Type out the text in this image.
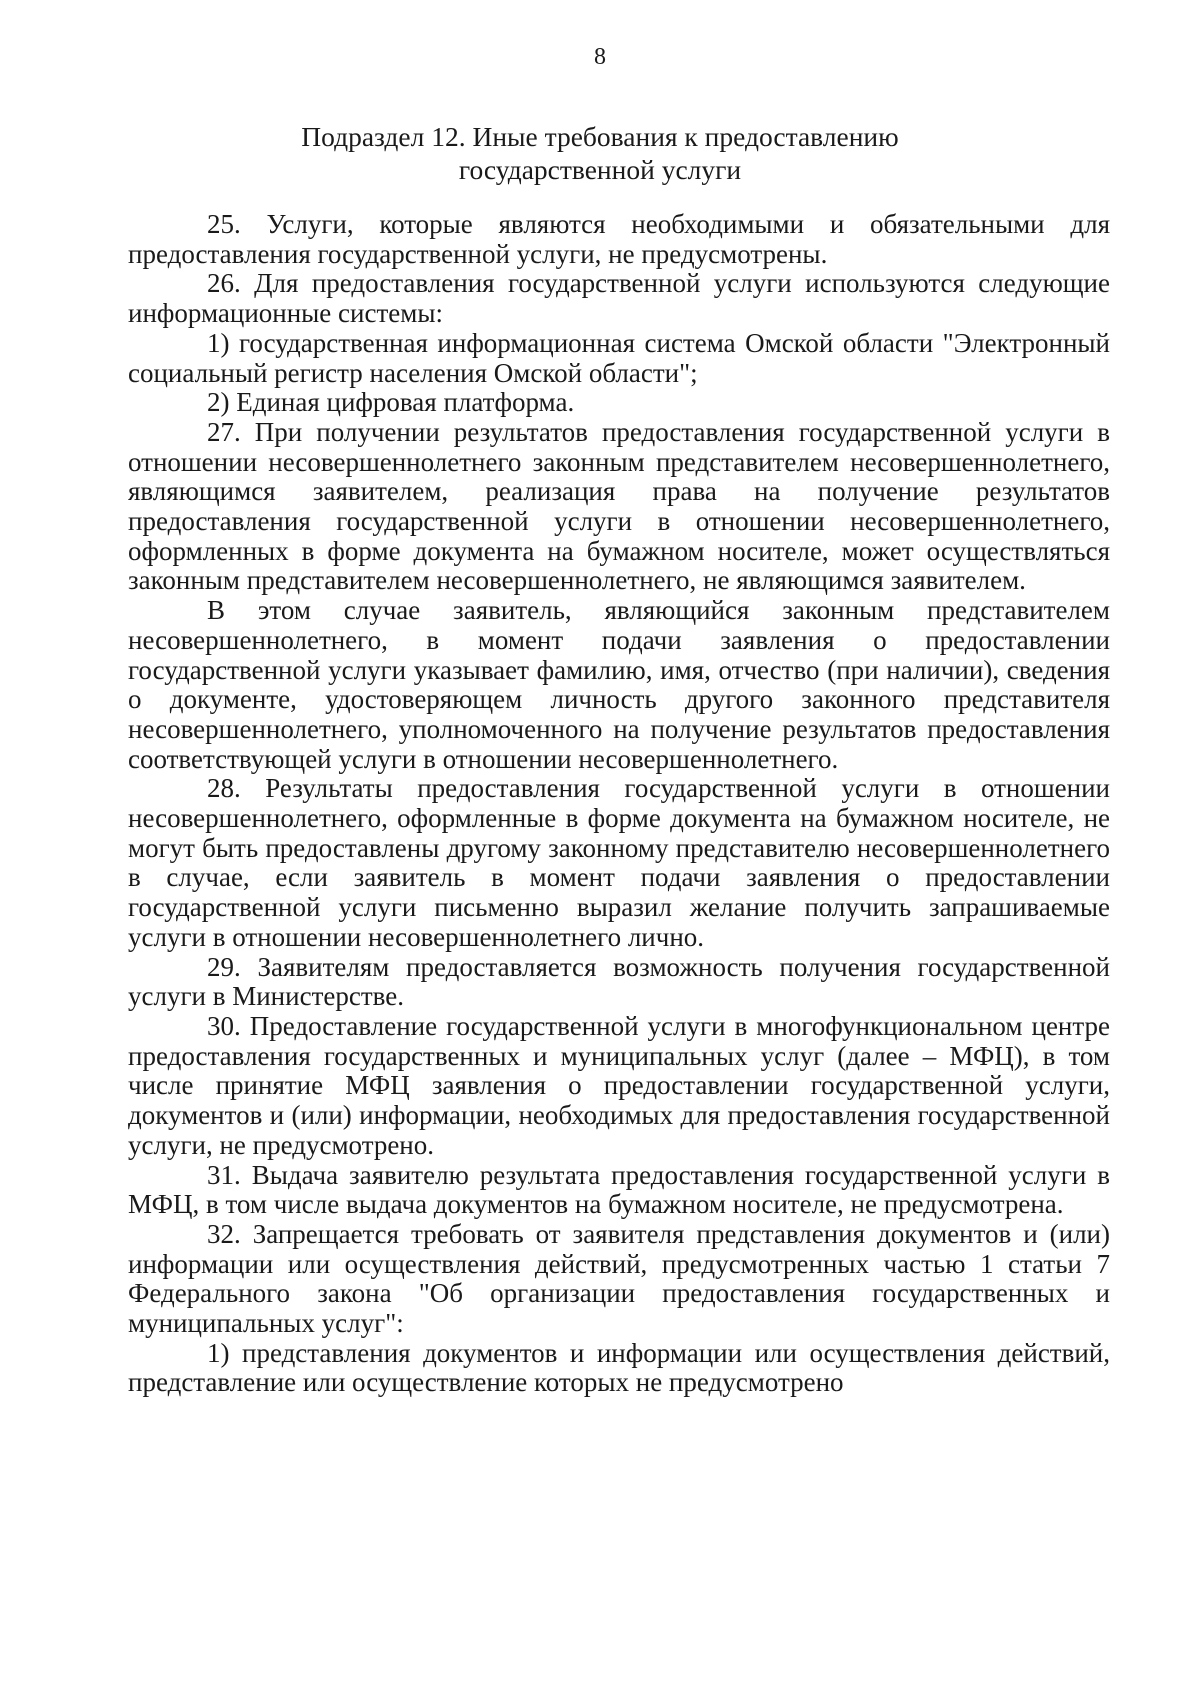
8
Подраздел 12. Иные требования к предоставлению
государственной услуги

25. Услуги, которые являются необходимыми и обязательными для предоставления государственной услуги, не предусмотрены.

26. Для предоставления государственной услуги используются следующие информационные системы:

1) государственная информационная система Омской области "Электронный социальный регистр населения Омской области";

2) Единая цифровая платформа.

27. При получении результатов предоставления государственной услуги в отношении несовершеннолетнего законным представителем несовершеннолетнего, являющимся заявителем, реализация права на получение результатов предоставления государственной услуги в отношении несовершеннолетнего, оформленных в форме документа на бумажном носителе, может осуществляться законным представителем несовершеннолетнего, не являющимся заявителем.

В этом случае заявитель, являющийся законным представителем несовершеннолетнего, в момент подачи заявления о предоставлении государственной услуги указывает фамилию, имя, отчество (при наличии), сведения о документе, удостоверяющем личность другого законного представителя несовершеннолетнего, уполномоченного на получение результатов предоставления соответствующей услуги в отношении несовершеннолетнего.

28. Результаты предоставления государственной услуги в отношении несовершеннолетнего, оформленные в форме документа на бумажном носителе, не могут быть предоставлены другому законному представителю несовершеннолетнего в случае, если заявитель в момент подачи заявления о предоставлении государственной услуги письменно выразил желание получить запрашиваемые услуги в отношении несовершеннолетнего лично.

29. Заявителям предоставляется возможность получения государственной услуги в Министерстве.

30. Предоставление государственной услуги в многофункциональном центре предоставления государственных и муниципальных услуг (далее – МФЦ), в том числе принятие МФЦ заявления о предоставлении государственной услуги, документов и (или) информации, необходимых для предоставления государственной услуги, не предусмотрено.

31. Выдача заявителю результата предоставления государственной услуги в МФЦ, в том числе выдача документов на бумажном носителе, не предусмотрена.

32. Запрещается требовать от заявителя представления документов и (или) информации или осуществления действий, предусмотренных частью 1 статьи 7 Федерального закона "Об организации предоставления государственных и муниципальных услуг":

1) представления документов и информации или осуществления действий, представление или осуществление которых не предусмотрено
